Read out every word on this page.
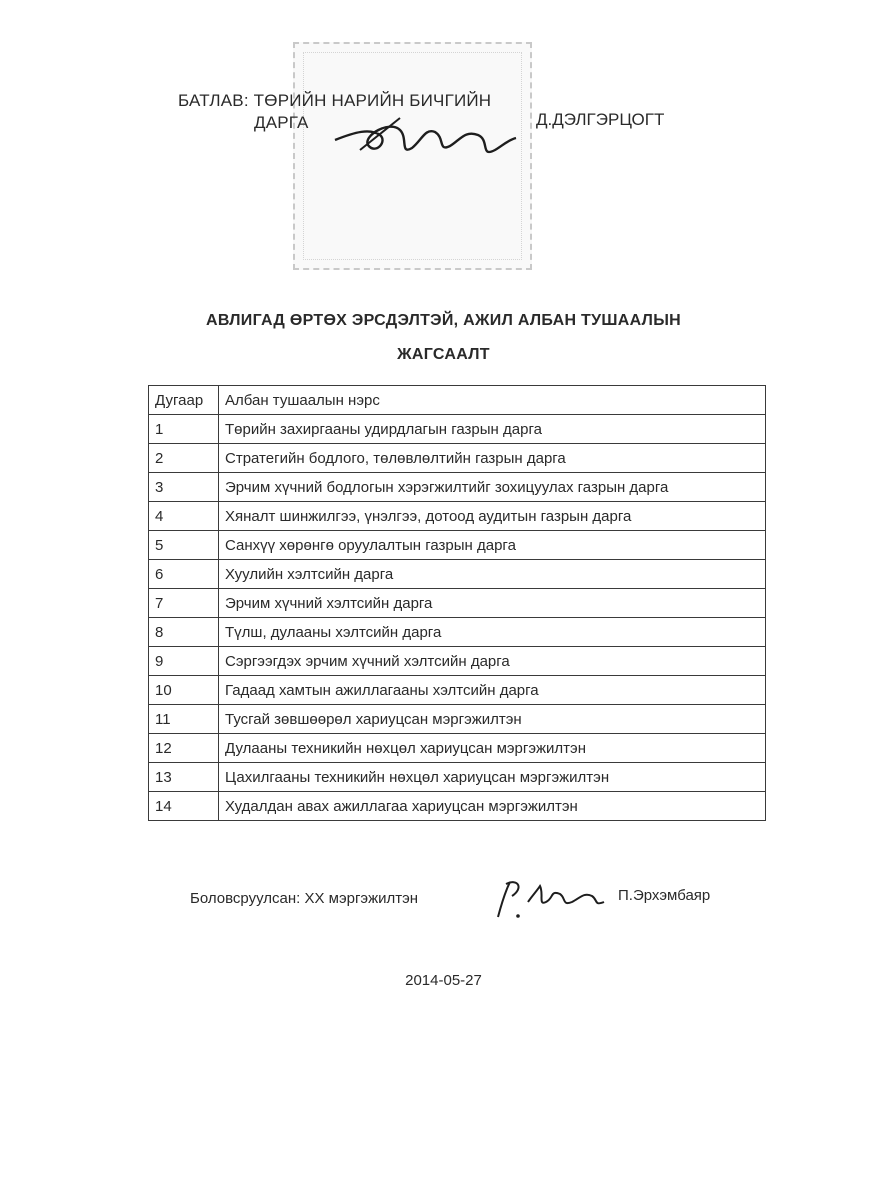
БАТЛАВ: ТӨРИЙН НАРИЙН БИЧГИЙН
ДАРГА	Д.ДЭЛГЭРЦОГТ
АВЛИГАД ӨРТӨХ ЭРСДЭЛТЭЙ, АЖИЛ АЛБАН ТУШААЛЫН
ЖАГСААЛТ
Дугаар	Албан тушаалын нэрс
1	Төрийн захиргааны удирдлагын газрын дарга
2	Стратегийн бодлого, төлөвлөлтийн газрын дарга
3	Эрчим хүчний бодлогын хэрэгжилтийг зохицуулах газрын дарга
4	Хяналт шинжилгээ, үнэлгээ, дотоод аудитын газрын дарга
5	Санхүү хөрөнгө оруулалтын газрын дарга
6	Хуулийн хэлтсийн дарга
7	Эрчим хүчний хэлтсийн дарга
8	Түлш, дулааны хэлтсийн дарга
9	Сэргээгдэх эрчим хүчний хэлтсийн дарга
10	Гадаад хамтын ажиллагааны хэлтсийн дарга
11	Тусгай зөвшөөрөл хариуцсан мэргэжилтэн
12	Дулааны техникийн нөхцөл хариуцсан мэргэжилтэн
13	Цахилгааны техникийн нөхцөл хариуцсан мэргэжилтэн
14	Худалдан авах ажиллагаа хариуцсан мэргэжилтэн
Боловсруулсан: ХХ мэргэжилтэн	П.Эрхэмбаяр
2014-05-27
